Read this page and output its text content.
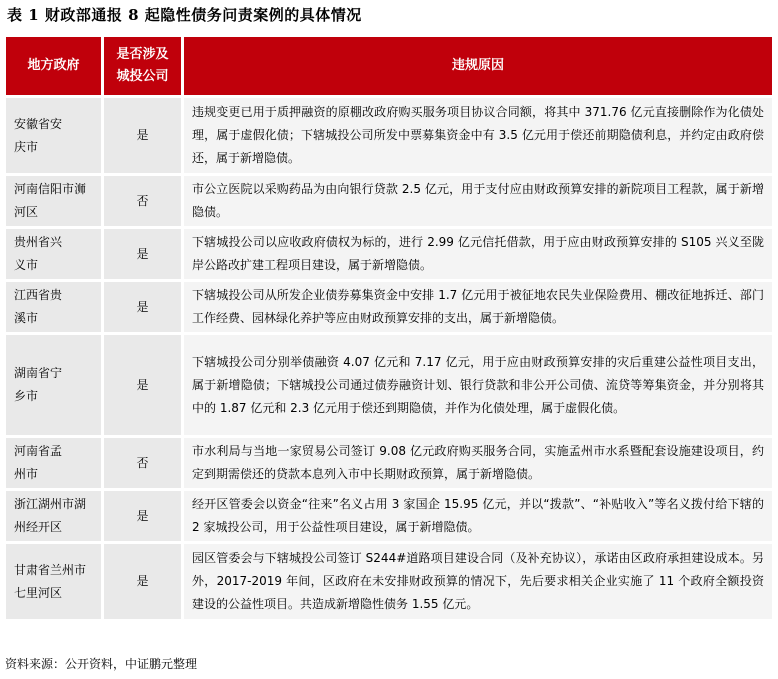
表 1 财政部通报 8 起隐性债务问责案例的具体情况
地方政府	是否涉及城投公司	违规原因
安徽省安庆市	是	违规变更已用于质押融资的原棚改政府购买服务项目协议合同额，将其中 371.76 亿元直接删除作为化债处理，属于虚假化债；下辖城投公司所发中票募集资金中有 3.5 亿元用于偿还前期隐债利息，并约定由政府偿还，属于新增隐债。
河南信阳市浉河区	否	市公立医院以采购药品为由向银行贷款 2.5 亿元，用于支付应由财政预算安排的新院项目工程款，属于新增隐债。
贵州省兴义市	是	下辖城投公司以应收政府债权为标的，进行 2.99 亿元信托借款，用于应由财政预算安排的 S105 兴义至陇岸公路改扩建工程项目建设，属于新增隐债。
江西省贵溪市	是	下辖城投公司从所发企业债券募集资金中安排 1.7 亿元用于被征地农民失业保险费用、棚改征地拆迁、部门工作经费、园林绿化养护等应由财政预算安排的支出，属于新增隐债。
湖南省宁乡市	是	下辖城投公司分别举债融资 4.07 亿元和 7.17 亿元，用于应由财政预算安排的灾后重建公益性项目支出，属于新增隐债；下辖城投公司通过债券融资计划、银行贷款和非公开公司债、流贷等筹集资金，并分别将其中的 1.87 亿元和 2.3 亿元用于偿还到期隐债，并作为化债处理，属于虚假化债。
河南省孟州市	否	市水利局与当地一家贸易公司签订 9.08 亿元政府购买服务合同，实施孟州市水系暨配套设施建设项目，约定到期需偿还的贷款本息列入市中长期财政预算，属于新增隐债。
浙江湖州市湖州经开区	是	经开区管委会以资金“往来”名义占用 3 家国企 15.95 亿元，并以“拨款”、“补贴收入”等名义拨付给下辖的 2 家城投公司，用于公益性项目建设，属于新增隐债。
甘肃省兰州市七里河区	是	园区管委会与下辖城投公司签订 S244#道路项目建设合同（及补充协议），承诺由区政府承担建设成本。另外，2017-2019 年间，区政府在未安排财政预算的情况下，先后要求相关企业实施了 11 个政府全额投资建设的公益性项目。共造成新增隐性债务 1.55 亿元。
资料来源：公开资料，中证鹏元整理
